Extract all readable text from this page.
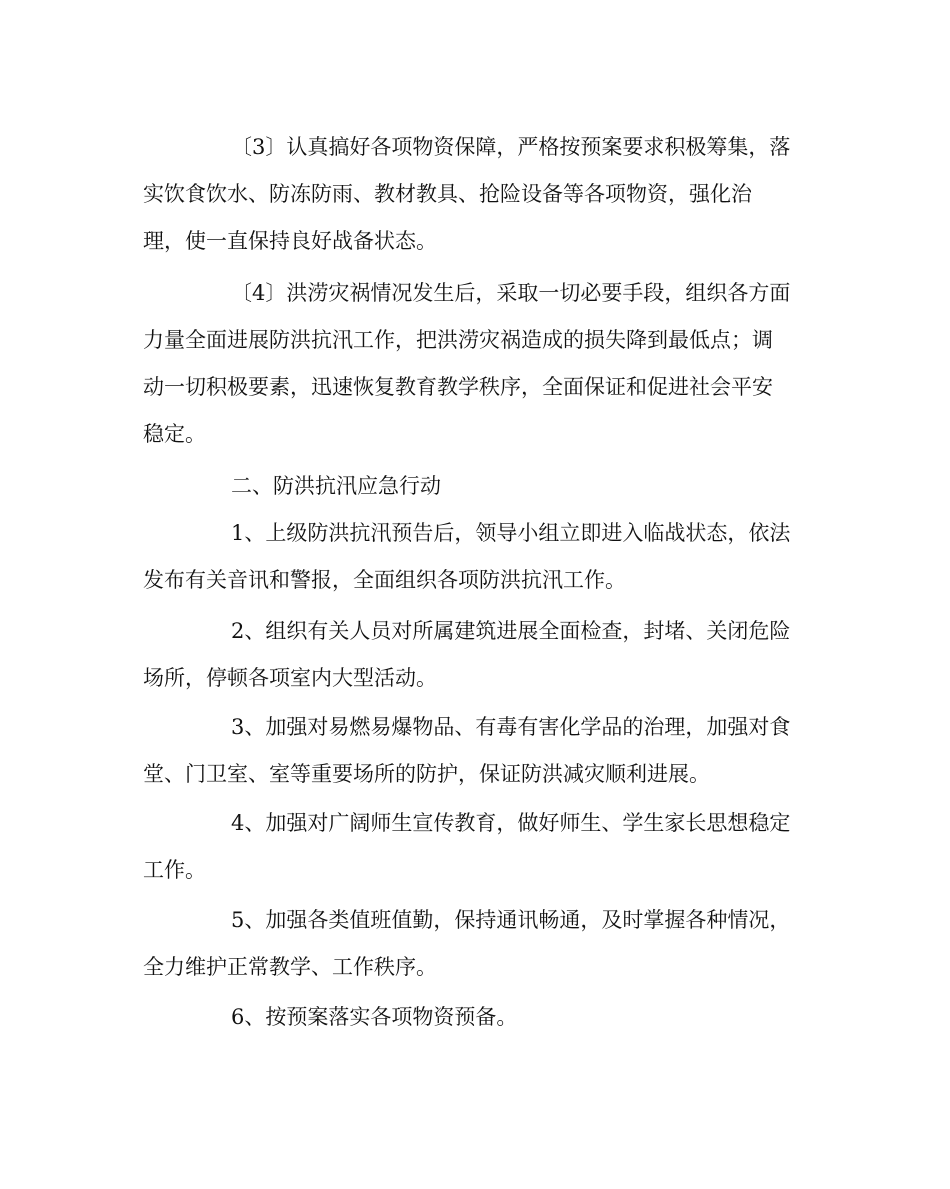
〔3〕认真搞好各项物资保障，严格按预案要求积极筹集，落
实饮食饮水、防冻防雨、教材教具、抢险设备等各项物资，强化治
理，使一直保持良好战备状态。
〔4〕洪涝灾祸情况发生后，采取一切必要手段，组织各方面
力量全面进展防洪抗汛工作，把洪涝灾祸造成的损失降到最低点；调
动一切积极要素，迅速恢复教育教学秩序，全面保证和促进社会平安
稳定。
二、防洪抗汛应急行动
1、上级防洪抗汛预告后，领导小组立即进入临战状态，依法
发布有关音讯和警报，全面组织各项防洪抗汛工作。
2、组织有关人员对所属建筑进展全面检查，封堵、关闭危险
场所，停顿各项室内大型活动。
3、加强对易燃易爆物品、有毒有害化学品的治理，加强对食
堂、门卫室、室等重要场所的防护，保证防洪减灾顺利进展。
4、加强对广阔师生宣传教育，做好师生、学生家长思想稳定
工作。
5、加强各类值班值勤，保持通讯畅通，及时掌握各种情况，
全力维护正常教学、工作秩序。
6、按预案落实各项物资预备。
